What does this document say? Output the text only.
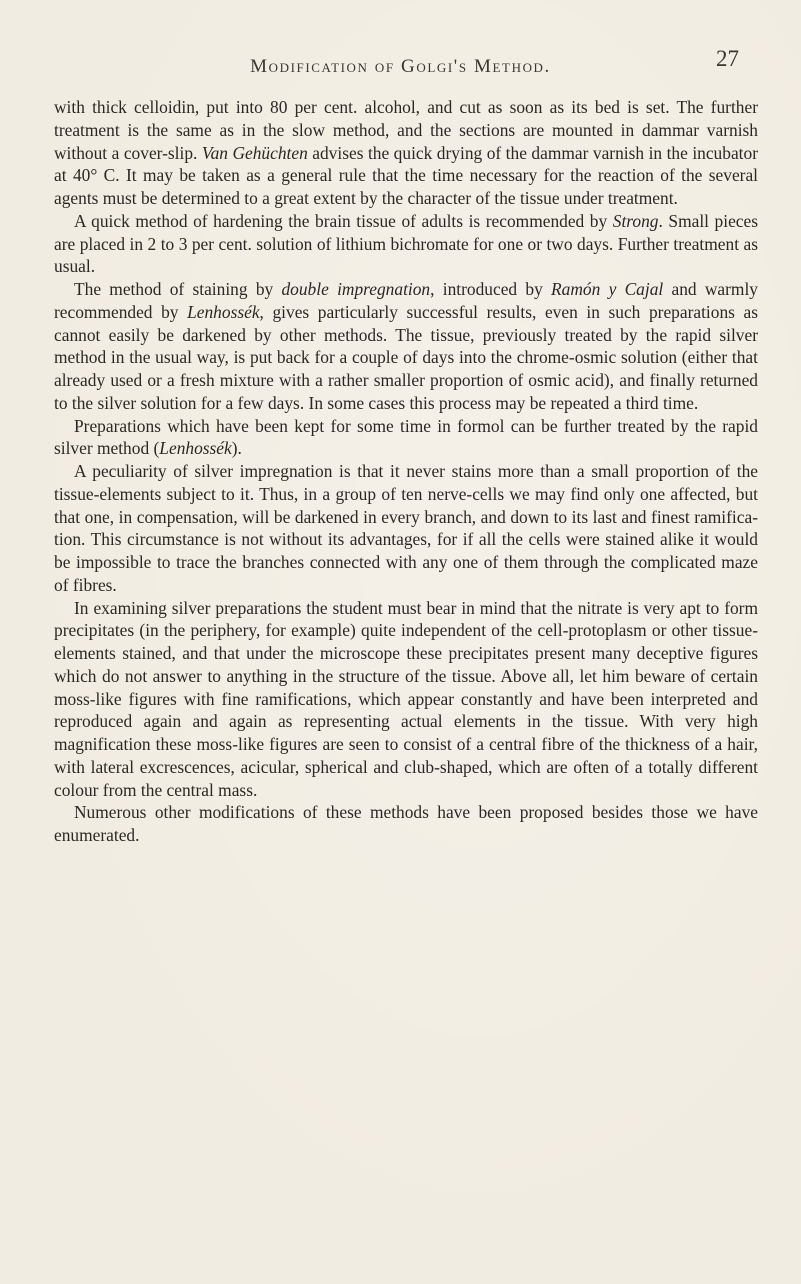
Modification of Golgi's Method.	27

with thick celloidin, put into 80 per cent. alcohol, and cut as soon as its bed is set. The further treatment is the same as in the slow method, and the sections are mounted in dammar varnish without a cover-slip. Van Gehüchten advises the quick drying of the dammar varnish in the incubator at 40° C. It may be taken as a general rule that the time necessary for the reaction of the several agents must be determined to a great extent by the character of the tissue under treatment.

A quick method of hardening the brain tissue of adults is recommended by Strong. Small pieces are placed in 2 to 3 per cent. solution of lithium bichromate for one or two days. Further treatment as usual.

The method of staining by double impregnation, introduced by Ramón y Cajal and warmly recommended by Lenhossék, gives particularly successful results, even in such preparations as cannot easily be darkened by other methods. The tissue, previously treated by the rapid silver method in the usual way, is put back for a couple of days into the chrome-osmic solution (either that already used or a fresh mixture with a rather smaller proportion of osmic acid), and finally returned to the silver solution for a few days. In some cases this process may be repeated a third time.

Preparations which have been kept for some time in formol can be further treated by the rapid silver method (Lenhossék).

A peculiarity of silver impregnation is that it never stains more than a small proportion of the tissue-elements subject to it. Thus, in a group of ten nerve-cells we may find only one affected, but that one, in compensation, will be darkened in every branch, and down to its last and finest ramification. This circumstance is not without its advantages, for if all the cells were stained alike it would be impossible to trace the branches connected with any one of them through the complicated maze of fibres.

In examining silver preparations the student must bear in mind that the nitrate is very apt to form precipitates (in the periphery, for example) quite independent of the cell-protoplasm or other tissue-elements stained, and that under the microscope these precipitates present many deceptive figures which do not answer to anything in the structure of the tissue. Above all, let him beware of certain moss-like figures with fine ramifications, which appear constantly and have been interpreted and reproduced again and again as representing actual elements in the tissue. With very high magnification these moss-like figures are seen to consist of a central fibre of the thickness of a hair, with lateral excrescences, acicular, spherical and club-shaped, which are often of a totally different colour from the central mass.

Numerous other modifications of these methods have been proposed besides those we have enumerated.
